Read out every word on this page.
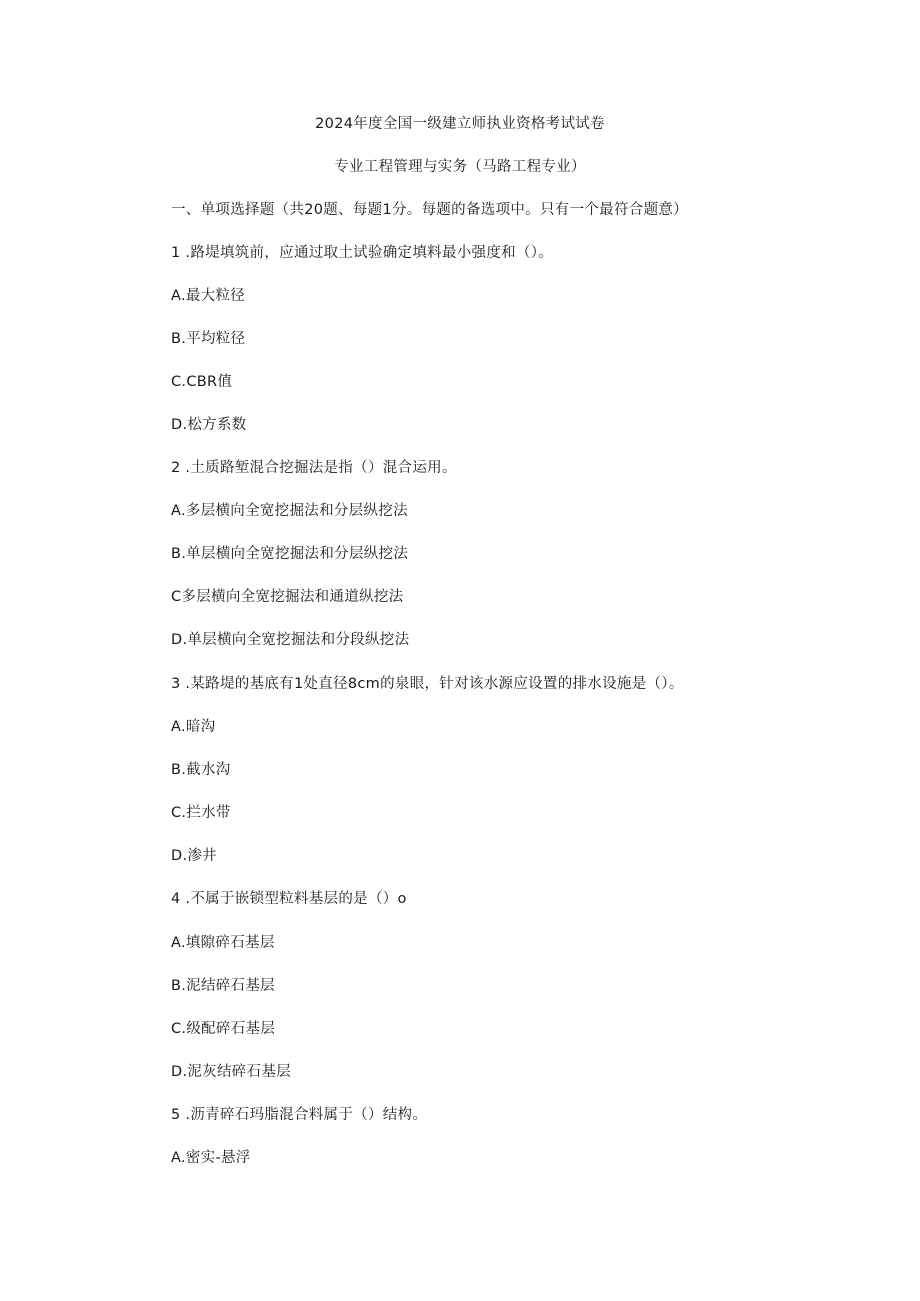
2024年度全国一级建立师执业资格考试试卷
专业工程管理与实务（马路工程专业）
一、单项选择题（共20题、每题1分。每题的备选项中。只有一个最符合题意）
1 .路堤填筑前，应通过取土试验确定填料最小强度和（）。
A.最大粒径
B.平均粒径
C.CBR值
D.松方系数
2 .土质路堑混合挖掘法是指（）混合运用。
A.多层横向全宽挖掘法和分层纵挖法
B.单层横向全宽挖掘法和分层纵挖法
C多层横向全宽挖掘法和通道纵挖法
D.单层横向全宽挖掘法和分段纵挖法
3 .某路堤的基底有1处直径8cm的泉眼，针对该水源应设置的排水设施是（）。
A.暗沟
B.截水沟
C.拦水带
D.渗井
4 .不属于嵌锁型粒料基层的是（）o
A.填隙碎石基层
B.泥结碎石基层
C.级配碎石基层
D.泥灰结碎石基层
5 .沥青碎石玛脂混合料属于（）结构。
A.密实-悬浮
